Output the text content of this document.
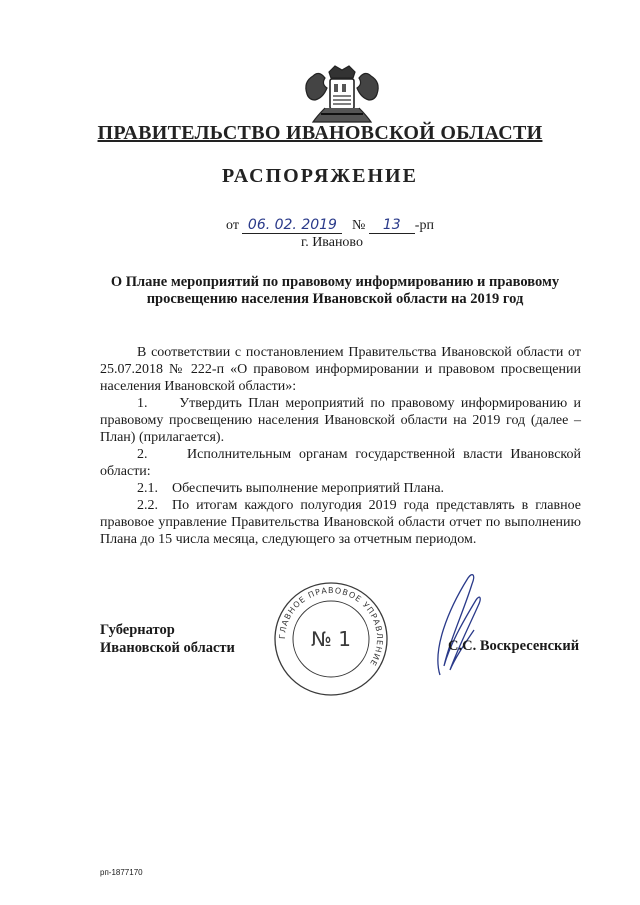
ПРАВИТЕЛЬСТВО ИВАНОВСКОЙ ОБЛАСТИ
РАСПОРЯЖЕНИЕ
от 06. 02. 2019 № 13 -рп
г. Иваново
О Плане мероприятий по правовому информированию и правовому просвещению населения Ивановской области на 2019 год
В соответствии с постановлением Правительства Ивановской области от 25.07.2018 № 222-п «О правовом информировании и правовом просвещении населения Ивановской области»:
1.     Утвердить План мероприятий по правовому информированию и правовому просвещению населения Ивановской области на 2019 год (далее – План) (прилагается).
2.     Исполнительным органам государственной власти Ивановской области:
2.1.    Обеспечить выполнение мероприятий Плана.
2.2.  По итогам каждого полугодия 2019 года представлять в главное правовое управление Правительства Ивановской области отчет по выполнению Плана до 15 числа месяца, следующего за отчетным периодом.
ГЛАВНОЕ ПРАВОВОЕ УПРАВЛЕНИЕ
№ 1
Губернатор
Ивановской области	С.С. Воскресенский
рп-1877170
